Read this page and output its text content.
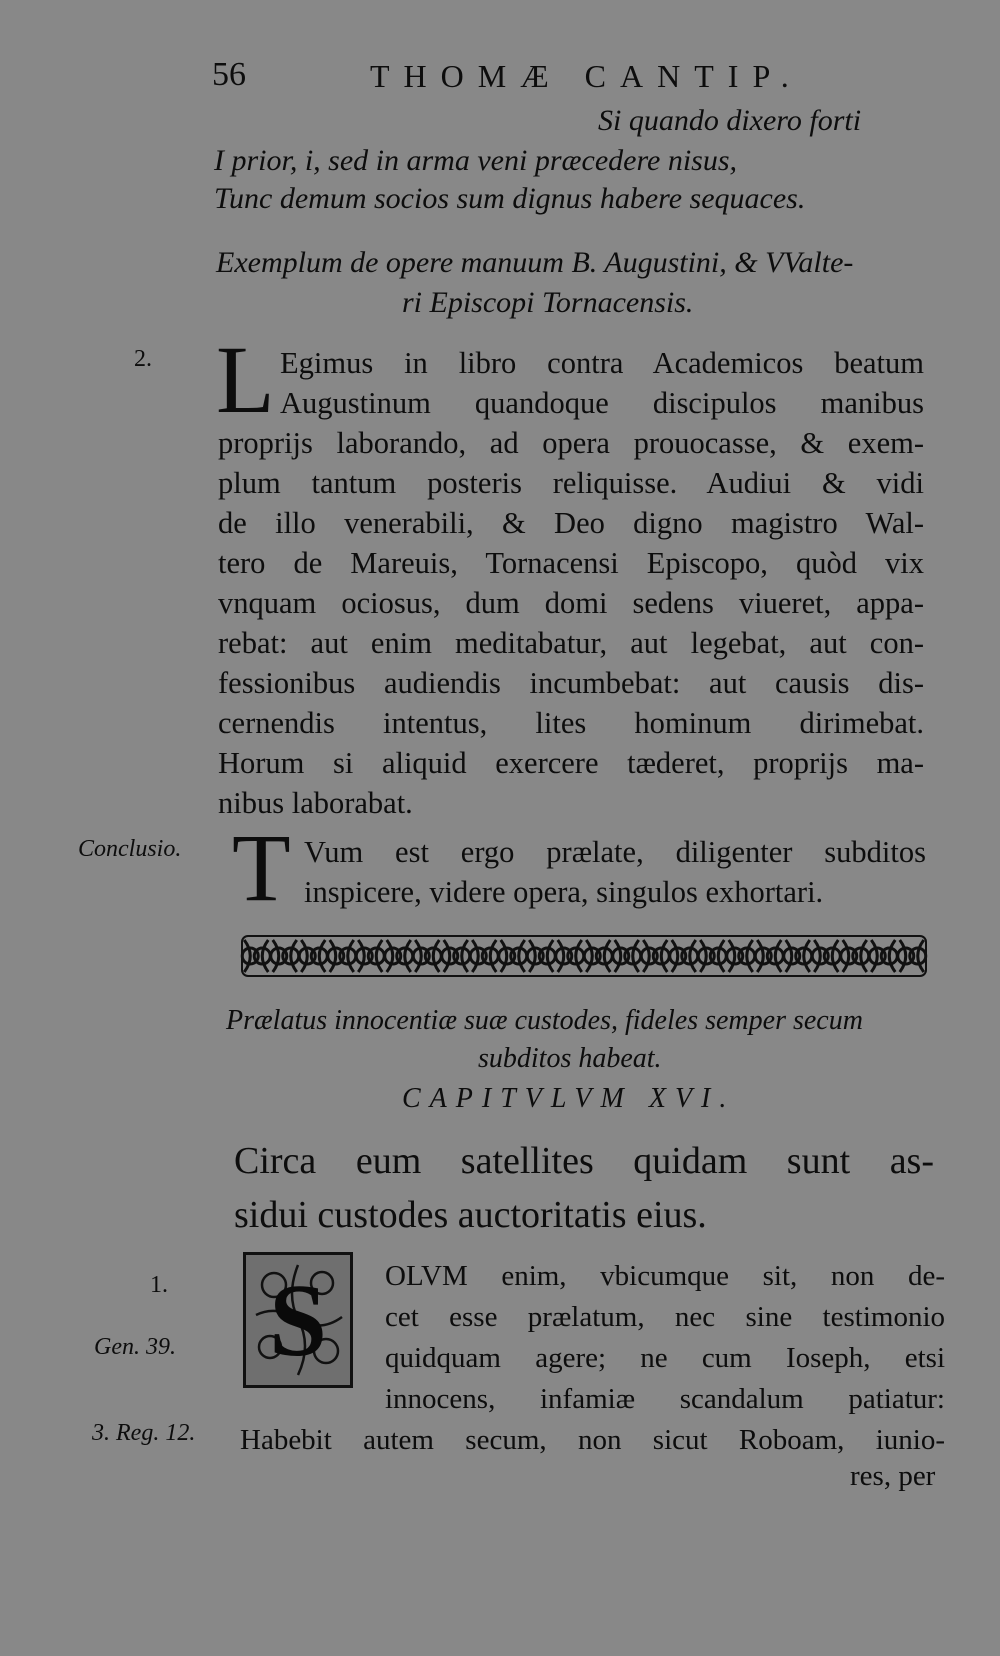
56	THOMÆ CANTIP.
Si quando dixero forti
I prior, i, sed in arma veni præcedere nisus,
Tunc demum socios sum dignus habere sequaces.
Exemplum de opere manuum B. Augustini, & VValte-
ri Episcopi Tornacensis.
2. L Egimus in libro contra Academicos beatum
Augustinum quandoque discipulos manibus
proprijs laborando, ad opera prouocasse, & exem-
plum tantum posteris reliquisse. Audiui & vidi
de illo venerabili, & Deo digno magistro Wal-
tero de Mareuis, Tornacensi Episcopo, quòd vix
vnquam ociosus, dum domi sedens viueret, appa-
rebat: aut enim meditabatur, aut legebat, aut con-
fessionibus audiendis incumbebat: aut causis dis-
cernendis intentus, lites hominum dirimebat.
Horum si aliquid exercere tæderet, proprijs ma-
nibus laborabat.
Conclusio. T Vum est ergo prælate, diligenter subditos
inspicere, videre opera, singulos exhortari.
Prælatus innocentiæ suæ custodes, fideles semper secum
subditos habeat.
CAPITVLVM XVI.
Circa eum satellites quidam sunt as-
sidui custodes auctoritatis eius.
1.
Gen. 39.
3. Reg. 12.
S	OLVM enim, vbicumque sit, non de-
cet esse prælatum, nec sine testimonio
quidquam agere; ne cum Ioseph, etsi
innocens, infamiæ scandalum patiatur:
Habebit autem secum, non sicut Roboam, iunio-
res, per
